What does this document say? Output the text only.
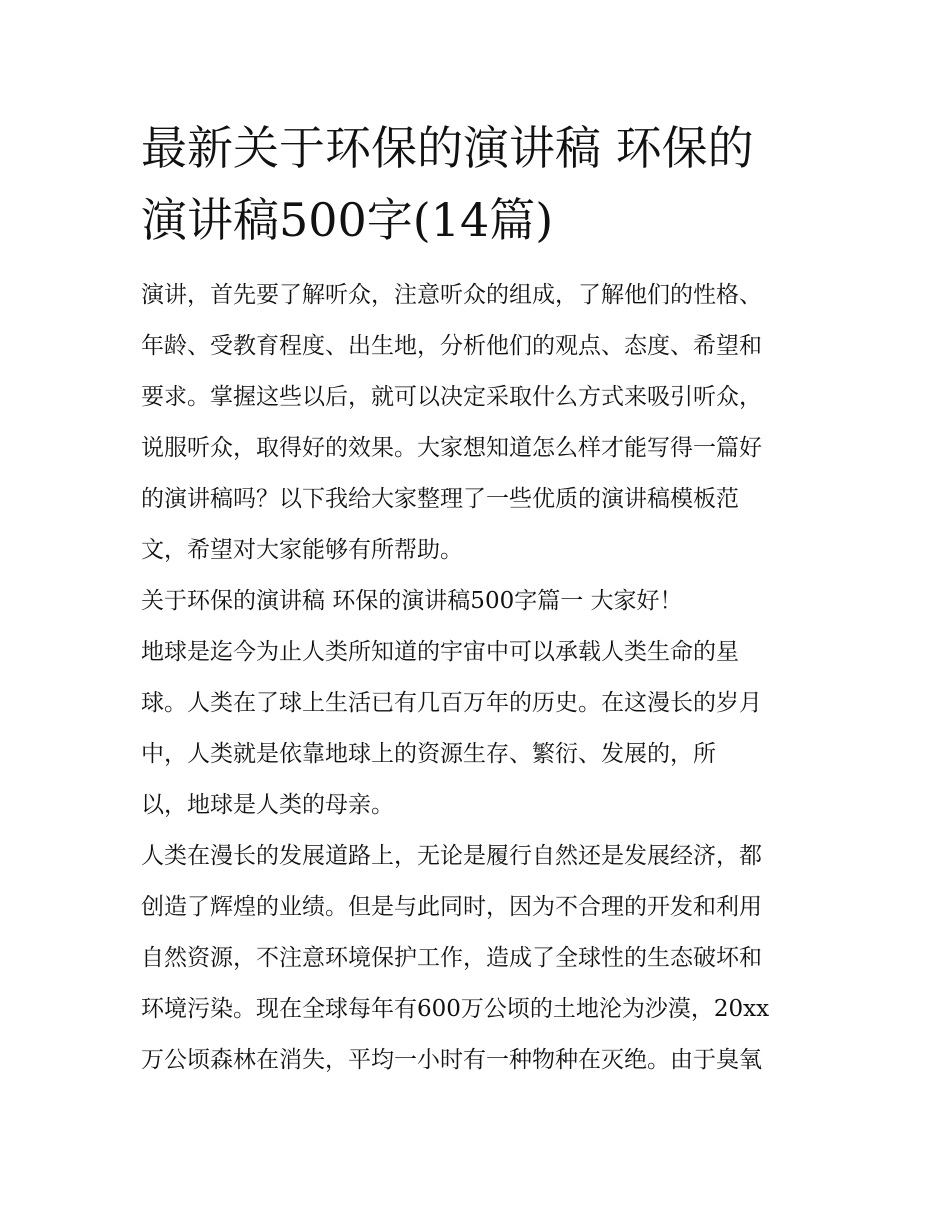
最新关于环保的演讲稿 环保的
演讲稿500字(14篇)

演讲，首先要了解听众，注意听众的组成，了解他们的性格、
年龄、受教育程度、出生地，分析他们的观点、态度、希望和
要求。掌握这些以后，就可以决定采取什么方式来吸引听众，
说服听众，取得好的效果。大家想知道怎么样才能写得一篇好
的演讲稿吗？以下我给大家整理了一些优质的演讲稿模板范
文，希望对大家能够有所帮助。

关于环保的演讲稿 环保的演讲稿500字篇一 大家好！

地球是迄今为止人类所知道的宇宙中可以承载人类生命的星
球。人类在了球上生活已有几百万年的历史。在这漫长的岁月
中，人类就是依靠地球上的资源生存、繁衍、发展的，所
以，地球是人类的母亲。

人类在漫长的发展道路上，无论是履行自然还是发展经济，都
创造了辉煌的业绩。但是与此同时，因为不合理的开发和利用
自然资源，不注意环境保护工作，造成了全球性的生态破坏和
环境污染。现在全球每年有600万公顷的土地沦为沙漠，20xx
万公顷森林在消失，平均一小时有一种物种在灭绝。由于臭氧
